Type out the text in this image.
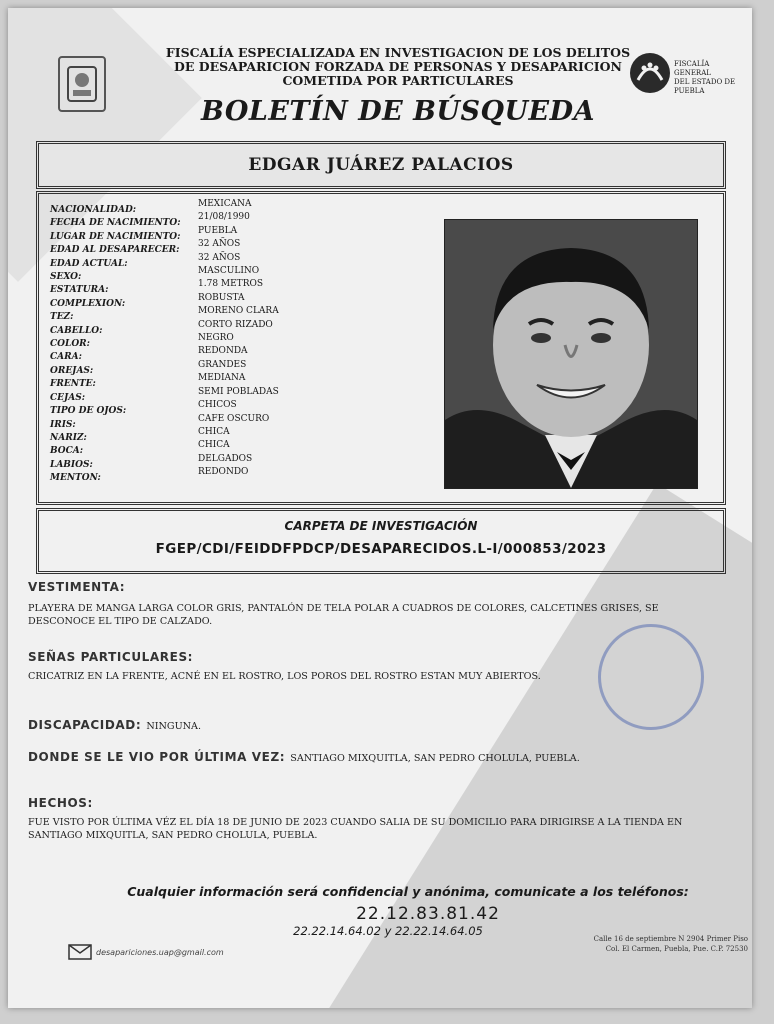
FISCALÍA ESPECIALIZADA EN INVESTIGACION DE LOS DELITOS
DE DESAPARICION FORZADA DE PERSONAS Y DESAPARICION
COMETIDA POR PARTICULARES
FISCALÍA GENERAL
DEL ESTADO DE
PUEBLA
BOLETÍN DE BÚSQUEDA
EDGAR JUÁREZ PALACIOS
NACIONALIDAD:
FECHA DE NACIMIENTO:
LUGAR DE NACIMIENTO:
EDAD AL DESAPARECER:
EDAD ACTUAL:
SEXO:
ESTATURA:
COMPLEXION:
TEZ:
CABELLO:
COLOR:
CARA:
OREJAS:
FRENTE:
CEJAS:
TIPO DE OJOS:
IRIS:
NARIZ:
BOCA:
LABIOS:
MENTON:
MEXICANA
21/08/1990
PUEBLA
32 AÑOS
32 AÑOS
MASCULINO
1.78 METROS
ROBUSTA
MORENO CLARA
CORTO RIZADO
NEGRO
REDONDA
GRANDES
MEDIANA
SEMI POBLADAS
CHICOS
CAFE OSCURO
CHICA
CHICA
DELGADOS
REDONDO
CARPETA DE INVESTIGACIÓN
FGEP/CDI/FEIDDFPDCP/DESAPARECIDOS.L-I/000853/2023
VESTIMENTA:
PLAYERA DE MANGA LARGA COLOR GRIS, PANTALÓN DE TELA POLAR A CUADROS DE COLORES, CALCETINES GRISES, SE DESCONOCE EL TIPO DE CALZADO.
SEÑAS PARTICULARES:
CRICATRIZ EN LA FRENTE, ACNÉ EN EL ROSTRO, LOS POROS DEL ROSTRO ESTAN MUY ABIERTOS.
DISCAPACIDAD: NINGUNA.
DONDE SE LE VIO POR ÚLTIMA VEZ: SANTIAGO MIXQUITLA, SAN PEDRO CHOLULA, PUEBLA.
HECHOS:
FUE VISTO POR ÚLTIMA VÉZ EL DÍA 18 DE JUNIO DE 2023 CUANDO SALIA DE SU DOMICILIO PARA DIRIGIRSE A LA TIENDA EN SANTIAGO MIXQUITLA, SAN PEDRO CHOLULA, PUEBLA.
Cualquier información será confidencial y anónima, comunicate a los teléfonos:
22.12.83.81.42
22.22.14.64.02 y 22.22.14.64.05
desapariciones.uap@gmail.com
Calle 16 de septiembre N 2904 Primer Piso
Col. El Carmen, Puebla, Pue. C.P. 72530
